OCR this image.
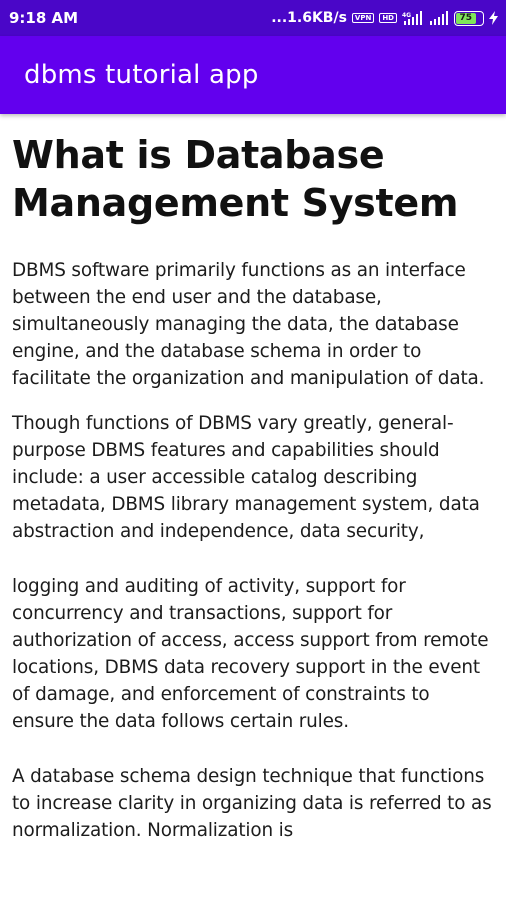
9:18 AM	...1.6KB/s	VPN	HD	4G	75
dbms tutorial app
What is Database Management System

DBMS software primarily functions as an interface between the end user and the database, simultaneously managing the data, the database engine, and the database schema in order to facilitate the organization and manipulation of data.

Though functions of DBMS vary greatly, general-purpose DBMS features and capabilities should include: a user accessible catalog describing metadata, DBMS library management system, data abstraction and independence, data security,

logging and auditing of activity, support for concurrency and transactions, support for authorization of access, access support from remote locations, DBMS data recovery support in the event of damage, and enforcement of constraints to ensure the data follows certain rules.

A database schema design technique that functions to increase clarity in organizing data is referred to as normalization. Normalization is
